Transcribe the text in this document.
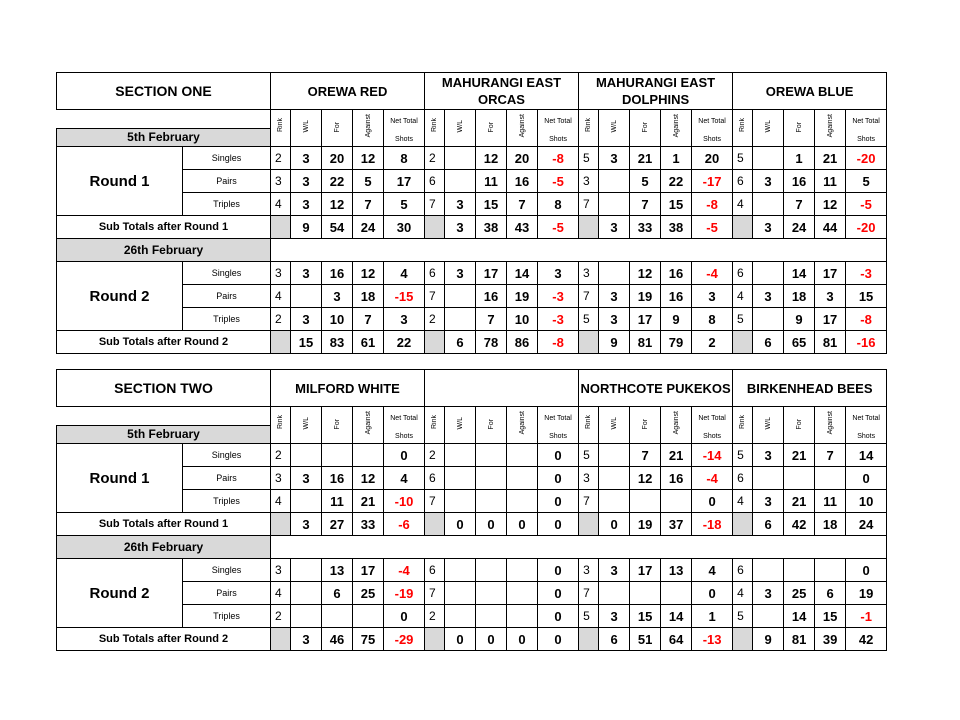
SECTION ONE		OREWA RED					MAHURANGI EAST ORCAS					MAHURANGI EAST DOLPHINS					OREWA BLUE				
		Rink	W/L	For	Against	Net Total Shots	Rink	W/L	For	Against	Net Total Shots	Rink	W/L	For	Against	Net Total Shots	Rink	W/L	For	Against	Net Total Shots
5th February																					
Round 1	Singles	2	3	20	12	8	2		12	20	-8	5	3	21	1	20	5		1	21	-20
	Pairs	3	3	22	5	17	6		11	16	-5	3		5	22	-17	6	3	16	11	5
	Triples	4	3	12	7	5	7	3	15	7	8	7		7	15	-8	4		7	12	-5
Sub Totals after Round 1			9	54	24	30		3	38	43	-5		3	33	38	-5		3	24	44	-20
26th February																					
Round 2	Singles	3	3	16	12	4	6	3	17	14	3	3		12	16	-4	6		14	17	-3
	Pairs	4		3	18	-15	7		16	19	-3	7	3	19	16	3	4	3	18	3	15
	Triples	2	3	10	7	3	2		7	10	-3	5	3	17	9	8	5		9	17	-8
Sub Totals after Round 2			15	83	61	22		6	78	86	-8		9	81	79	2		6	65	81	-16
SECTION TWO		MILFORD WHITE										NORTHCOTE PUKEKOS					BIRKENHEAD BEES				
		Rink	W/L	For	Against	Net Total Shots	Rink	W/L	For	Against	Net Total Shots	Rink	W/L	For	Against	Net Total Shots	Rink	W/L	For	Against	Net Total Shots
5th February																					
Round 1	Singles	2				0	2				0	5		7	21	-14	5	3	21	7	14
	Pairs	3	3	16	12	4	6				0	3		12	16	-4	6				0
	Triples	4		11	21	-10	7				0	7				0	4	3	21	11	10
Sub Totals after Round 1			3	27	33	-6		0	0	0	0		0	19	37	-18		6	42	18	24
26th February																					
Round 2	Singles	3		13	17	-4	6				0	3	3	17	13	4	6				0
	Pairs	4		6	25	-19	7				0	7				0	4	3	25	6	19
	Triples	2				0	2				0	5	3	15	14	1	5		14	15	-1
Sub Totals after Round 2			3	46	75	-29		0	0	0	0		6	51	64	-13		9	81	39	42
